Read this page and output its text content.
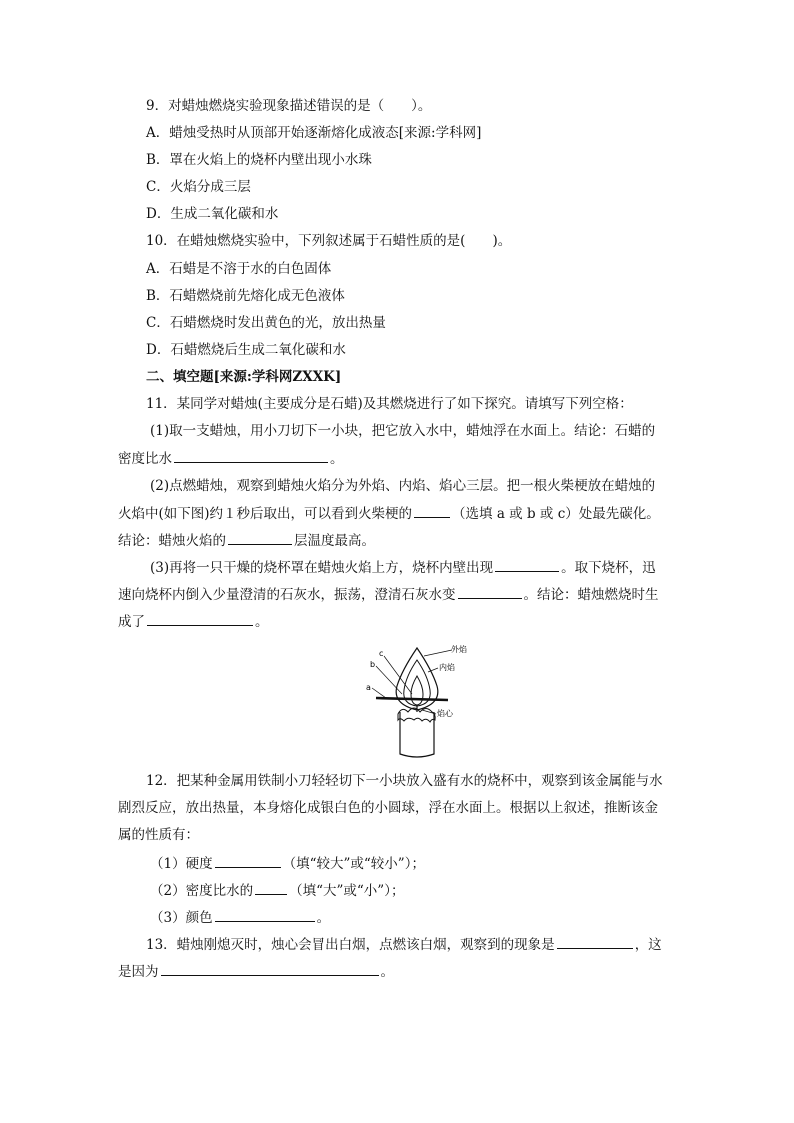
9．对蜡烛燃烧实验现象描述错误的是（　　）。
A．蜡烛受热时从顶部开始逐渐熔化成液态[来源:学科网]
B．罩在火焰上的烧杯内壁出现小水珠
C．火焰分成三层
D．生成二氧化碳和水
10．在蜡烛燃烧实验中，下列叙述属于石蜡性质的是(　　)。
A．石蜡是不溶于水的白色固体
B．石蜡燃烧前先熔化成无色液体
C．石蜡燃烧时发出黄色的光，放出热量
D．石蜡燃烧后生成二氧化碳和水
二、填空题[来源:学科网ZXXK]
11．某同学对蜡烛(主要成分是石蜡)及其燃烧进行了如下探究。请填写下列空格：
(1)取一支蜡烛，用小刀切下一小块，把它放入水中，蜡烛浮在水面上。结论：石蜡的
密度比水	。
(2)点燃蜡烛，观察到蜡烛火焰分为外焰、内焰、焰心三层。把一根火柴梗放在蜡烛的
火焰中(如下图)约１秒后取出，可以看到火柴梗的	（选填 a 或 b 或 c）处最先碳化。
结论：蜡烛火焰的	层温度最高。
(3)再将一只干燥的烧杯罩在蜡烛火焰上方，烧杯内壁出现	。取下烧杯，迅
速向烧杯内倒入少量澄清的石灰水，振荡，澄清石灰水变	。结论：蜡烛燃烧时生
成了	。
a
b
c	外焰
内焰
焰心
12．把某种金属用铁制小刀轻轻切下一小块放入盛有水的烧杯中，观察到该金属能与水
剧烈反应，放出热量，本身熔化成银白色的小圆球，浮在水面上。根据以上叙述，推断该金
属的性质有：
（1）硬度	（填“较大”或“较小”）；
（2）密度比水的	（填“大”或“小”）；
（3）颜色	。
13．蜡烛刚熄灭时，烛心会冒出白烟，点燃该白烟，观察到的现象是	，这
是因为	。
